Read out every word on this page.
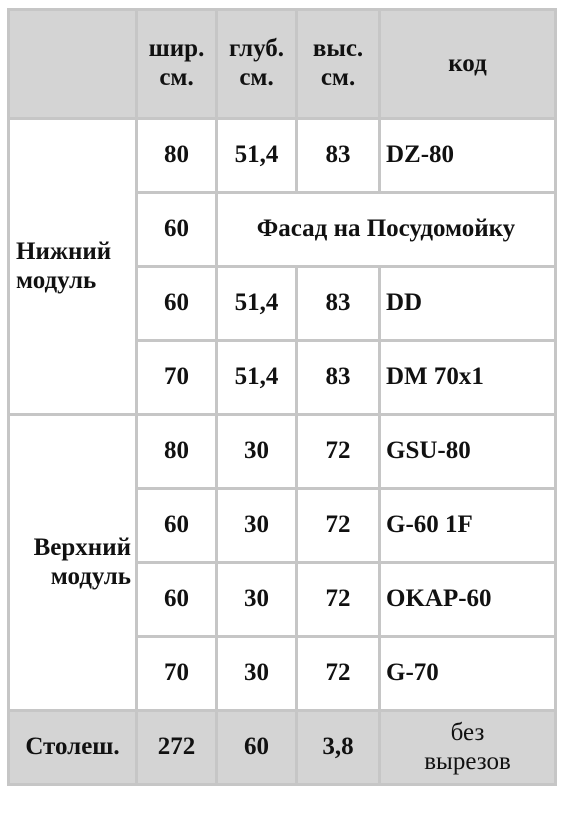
	шир. см.	глуб. см.	выс. см.	код

Нижний
модуль	80	51,4	83	DZ-80
	60	Фасад на Посудомойку		
	60	51,4	83	DD
	70	51,4	83	DM 70x1

Верхний
модуль	80	30	72	GSU-80
	60	30	72	G-60 1F
	60	30	72	OKAP-60
	70	30	72	G-70
Столеш.	272	60	3,8	без
вырезов
